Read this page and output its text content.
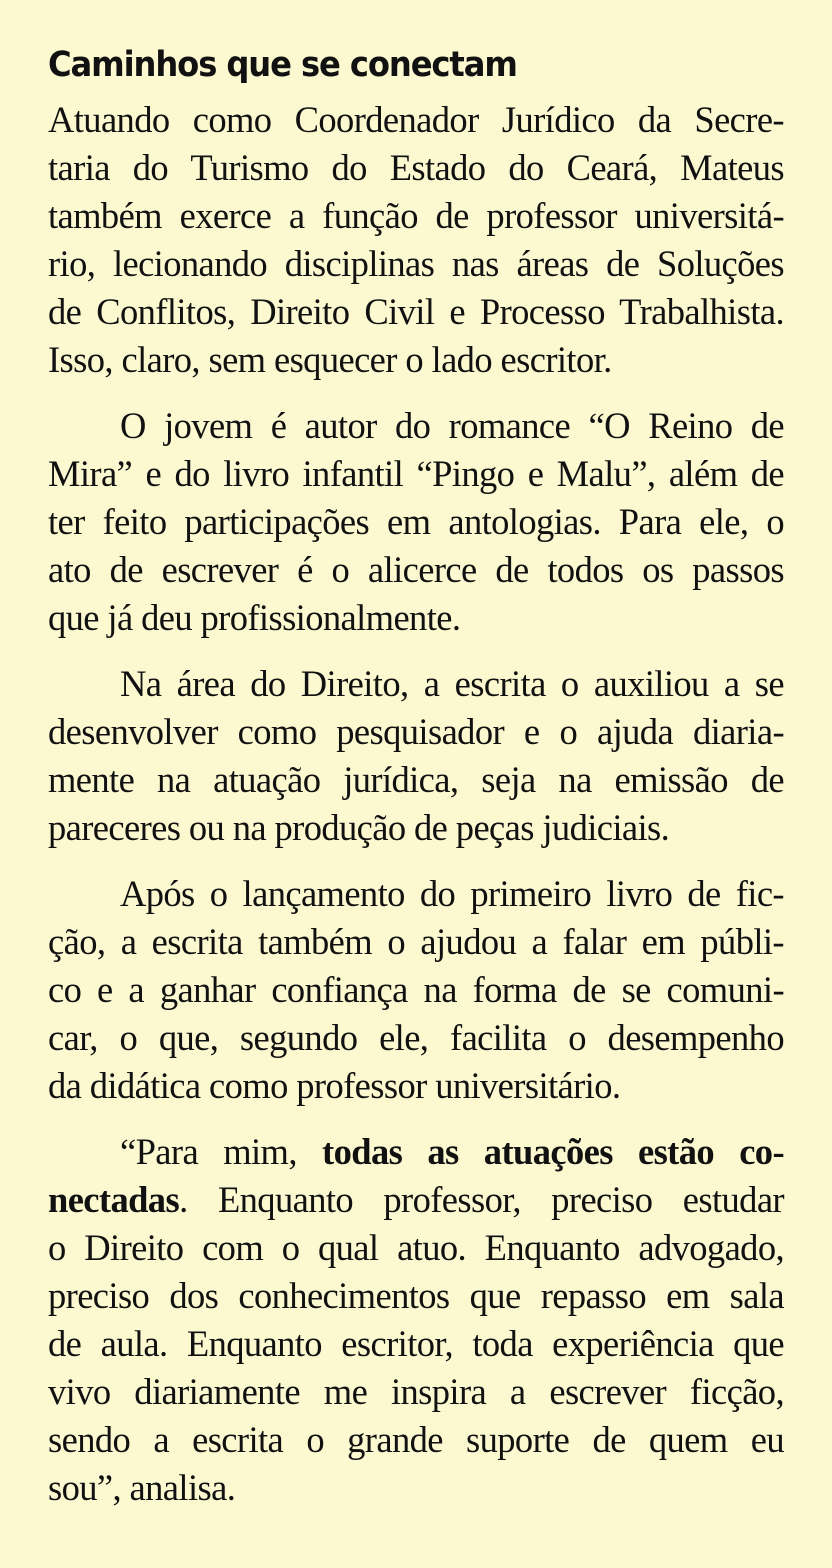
Caminhos que se conectam
Atuando como Coordenador Jurídico da Secre-
taria do Turismo do Estado do Ceará, Mateus
também exerce a função de professor universitá-
rio, lecionando disciplinas nas áreas de Soluções
de Conflitos, Direito Civil e Processo Trabalhista.
Isso, claro, sem esquecer o lado escritor.
O jovem é autor do romance “O Reino de
Mira” e do livro infantil “Pingo e Malu”, além de
ter feito participações em antologias. Para ele, o
ato de escrever é o alicerce de todos os passos
que já deu profissionalmente.
Na área do Direito, a escrita o auxiliou a se
desenvolver como pesquisador e o ajuda diaria-
mente na atuação jurídica, seja na emissão de
pareceres ou na produção de peças judiciais.
Após o lançamento do primeiro livro de fic-
ção, a escrita também o ajudou a falar em públi-
co e a ganhar confiança na forma de se comuni-
car, o que, segundo ele, facilita o desempenho
da didática como professor universitário.
“Para mim, todas as atuações estão co-
nectadas. Enquanto professor, preciso estudar
o Direito com o qual atuo. Enquanto advogado,
preciso dos conhecimentos que repasso em sala
de aula. Enquanto escritor, toda experiência que
vivo diariamente me inspira a escrever ficção,
sendo a escrita o grande suporte de quem eu
sou”, analisa.
